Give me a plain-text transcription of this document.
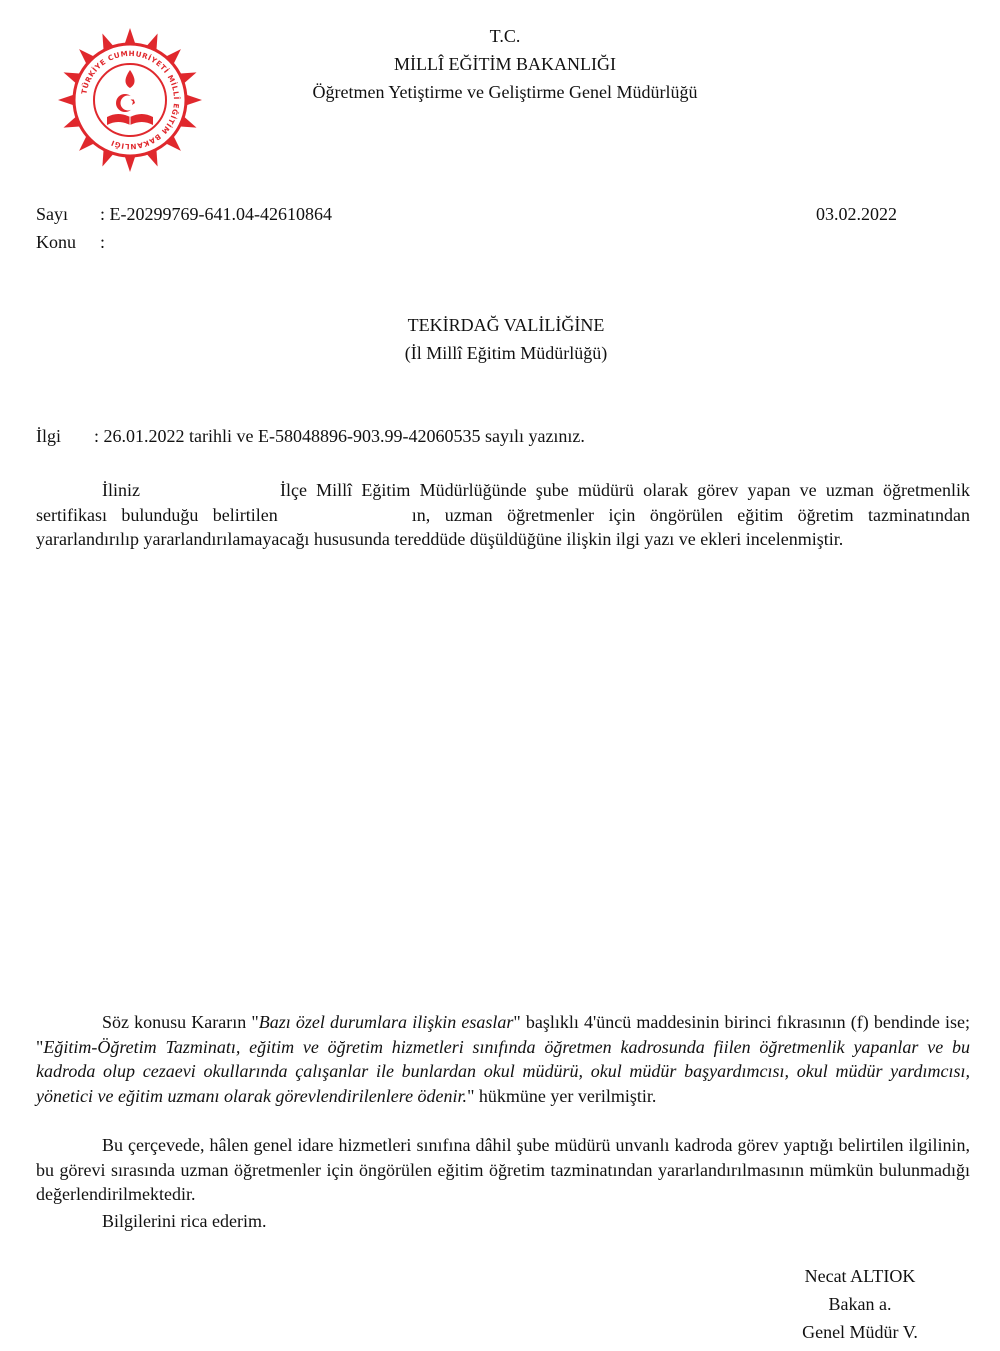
TÜRKİYE CUMHURİYETİ MİLLÎ EĞİTİM BAKANLIĞI
T.C.
MİLLÎ EĞİTİM BAKANLIĞI
Öğretmen Yetiştirme ve Geliştirme Genel Müdürlüğü
Sayı : E-20299769-641.04-42610864	03.02.2022
Konu :
TEKİRDAĞ VALİLİĞİNE
(İl Millî Eğitim Müdürlüğü)
İlgi : 26.01.2022 tarihli ve E-58048896-903.99-42060535 sayılı yazınız.
İliniz	İlçe Millî Eğitim Müdürlüğünde şube müdürü olarak görev yapan ve uzman öğretmenlik sertifikası bulunduğu belirtilen	ın, uzman öğretmenler için öngörülen eğitim öğretim tazminatından yararlandırılıp yararlandırılamayacağı hususunda tereddüde düşüldüğüne ilişkin ilgi yazı ve ekleri incelenmiştir.
Söz konusu Kararın "Bazı özel durumlara ilişkin esaslar" başlıklı 4'üncü maddesinin birinci fıkrasının (f) bendinde ise; "Eğitim-Öğretim Tazminatı, eğitim ve öğretim hizmetleri sınıfında öğretmen kadrosunda fiilen öğretmenlik yapanlar ve bu kadroda olup cezaevi okullarında çalışanlar ile bunlardan okul müdürü, okul müdür başyardımcısı, okul müdür yardımcısı, yönetici ve eğitim uzmanı olarak görevlendirilenlere ödenir." hükmüne yer verilmiştir.
Bu çerçevede, hâlen genel idare hizmetleri sınıfına dâhil şube müdürü unvanlı kadroda görev yaptığı belirtilen ilgilinin, bu görevi sırasında uzman öğretmenler için öngörülen eğitim öğretim tazminatından yararlandırılmasının mümkün bulunmadığı değerlendirilmektedir.
Bilgilerini rica ederim.
Necat ALTIOK
Bakan a.
Genel Müdür V.
